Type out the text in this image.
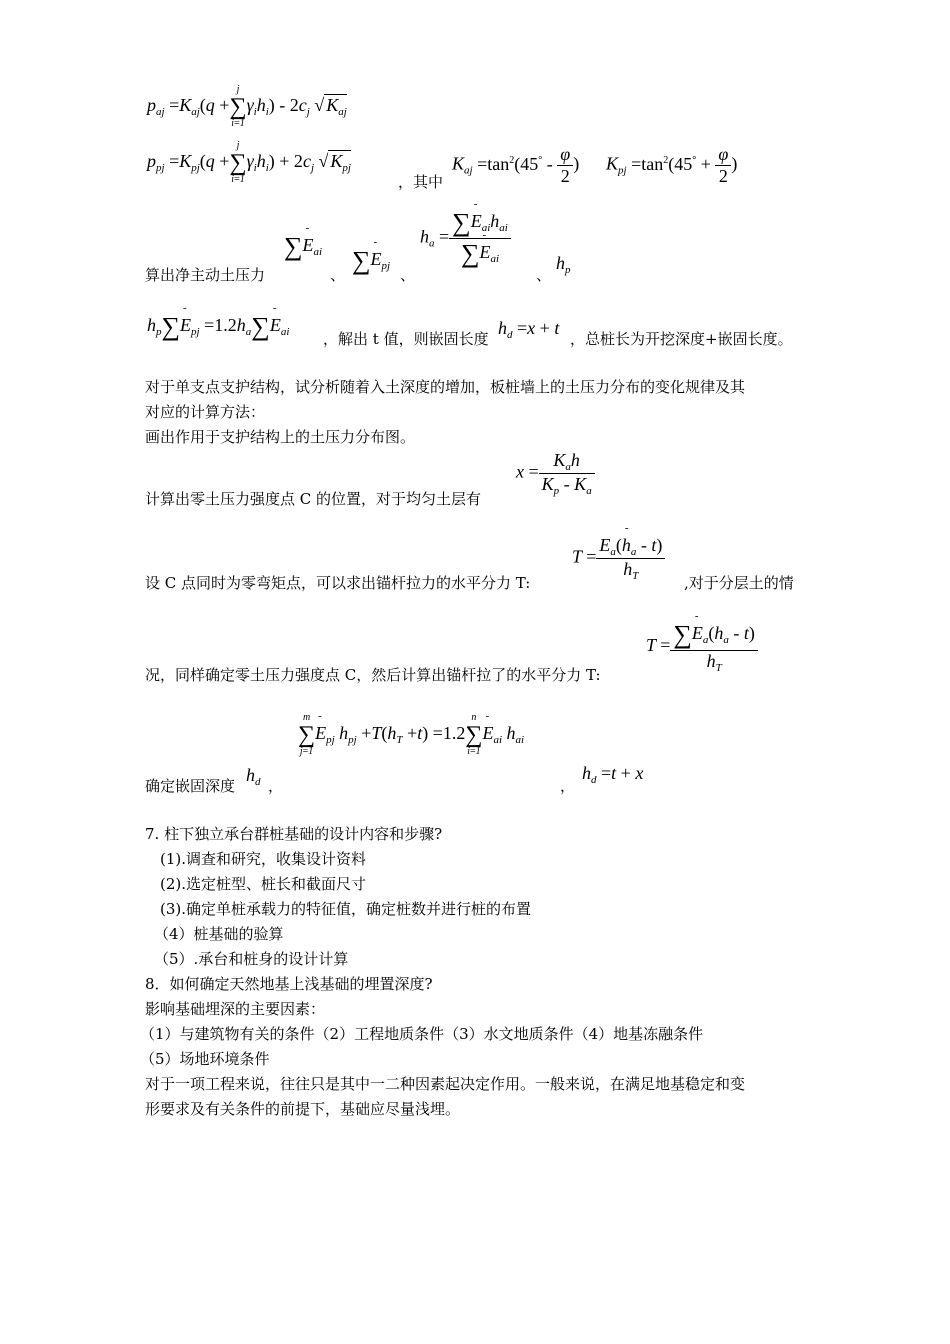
$p_{aj} =K_{aj}(q$ +
j
∑
i=1
$\gamma_ih_i) - 2c_j$ √ $K_{aj}$
$p_{pj} =K_{pj}(q$ +
j
∑
i=1
$\gamma_ih_i) + 2c_j$ √ $K_{pj}$
，其中
$K_{aj} =\tan^2(45^\circ - \frac{\varphi}{2}$ ) $K_{pj} =\tan^2(45^\circ + \frac{\varphi}{2}$ )
算出净主动土压力
∑- $E_{ai}$
、 ∑- $E_{pj}$ 、
$h_a = \frac{\sum- E_{ai}h_{ai}}{\sum- E_{ai}}$
、
$h_p$
$h_p\sum-$ $E_{pj} =1.2h_a\sum-$ $E_{ai}$ ，解出 t 值，则嵌固长度
$h_d =x + t$
，总桩长为开挖深度+嵌固长度。
对于单支点支护结构，试分析随着入土深度的增加，板桩墙上的土压力分布的变化规律及其
对应的计算方法：
画出作用于支护结构上的土压力分布图。
$x = \frac{K_ah}{K_p - K_a}$
计算出零土压力强度点 C 的位置，对于均匀土层有
$T = \frac{E_a(- h_a - t)}{h_T}$
设 C 点同时为零弯矩点，可以求出锚杆拉力的水平分力 T:	,对于分层土的情
$T = \frac{\sum- E_a(h_a - t)}{h_T}$
况，同样确定零土压力强度点 C，然后计算出锚杆拉了的水平分力 T:
m
∑
j=1
- $E_{pj}$ $h_{pj} +T(h_T +t) =1.2$
n
∑
i=1
- $E_{ai}$ $h_{ai}$
确定嵌固深度
$h_d$ ，	，
$h_d =t + x$
7. 柱下独立承台群桩基础的设计内容和步骤?
(1).调查和研究，收集设计资料
(2).选定桩型、桩长和截面尺寸
(3).确定单桩承载力的特征值，确定桩数并进行桩的布置
（4）桩基础的验算
（5）.承台和桩身的设计计算
8．如何确定天然地基上浅基础的埋置深度?
影响基础埋深的主要因素：
（1）与建筑物有关的条件（2）工程地质条件（3）水文地质条件（4）地基冻融条件
（5）场地环境条件
对于一项工程来说，往往只是其中一二种因素起决定作用。一般来说，在满足地基稳定和变
形要求及有关条件的前提下，基础应尽量浅埋。
